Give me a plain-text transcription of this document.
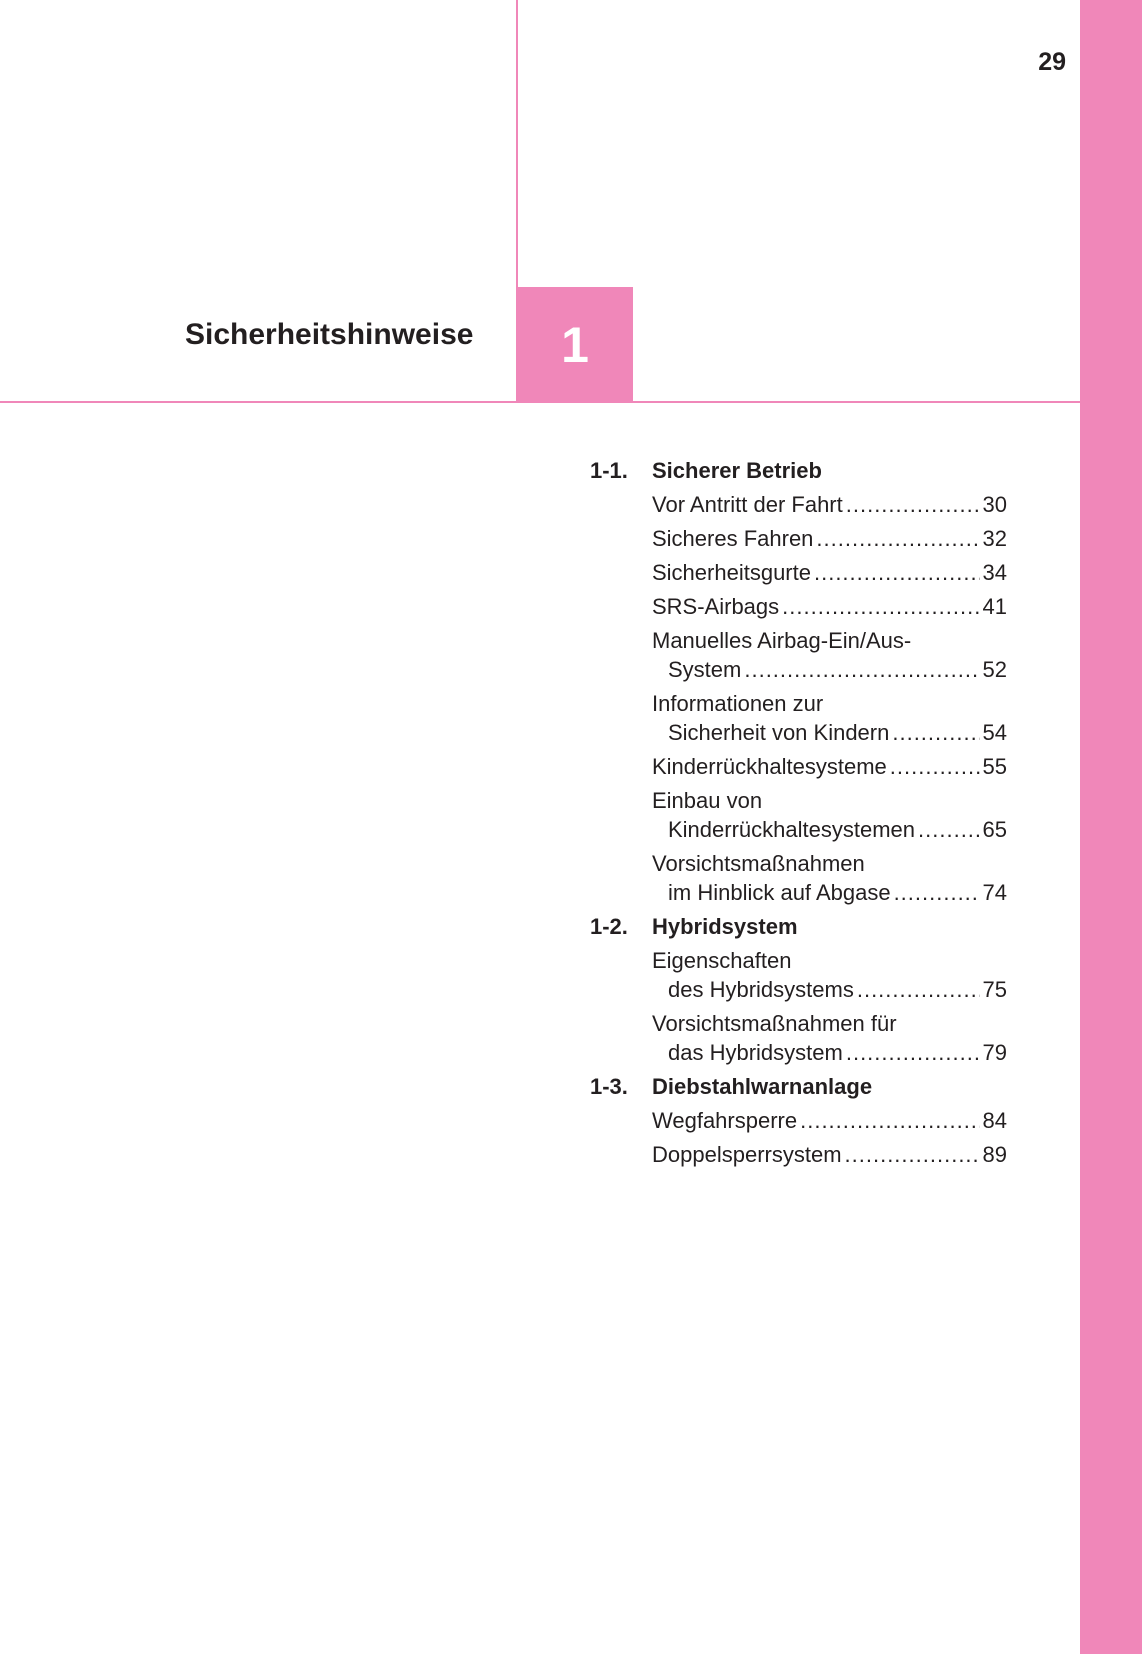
29
Sicherheitshinweise 1
1-1.	Sicherer Betrieb
Vor Antritt der Fahrt .....	30
Sicheres Fahren .....	32
Sicherheitsgurte .....	34
SRS-Airbags .....	41
Manuelles Airbag-Ein/Aus-
System .....	52
Informationen zur
Sicherheit von Kindern .....	54
Kinderrückhaltesysteme .....	55
Einbau von
Kinderrückhaltesystemen .....	65
Vorsichtsmaßnahmen
im Hinblick auf Abgase .....	74
1-2.	Hybridsystem
Eigenschaften
des Hybridsystems .....	75
Vorsichtsmaßnahmen für
das Hybridsystem .....	79
1-3.	Diebstahlwarnanlage
Wegfahrsperre .....	84
Doppelsperrsystem .....	89
